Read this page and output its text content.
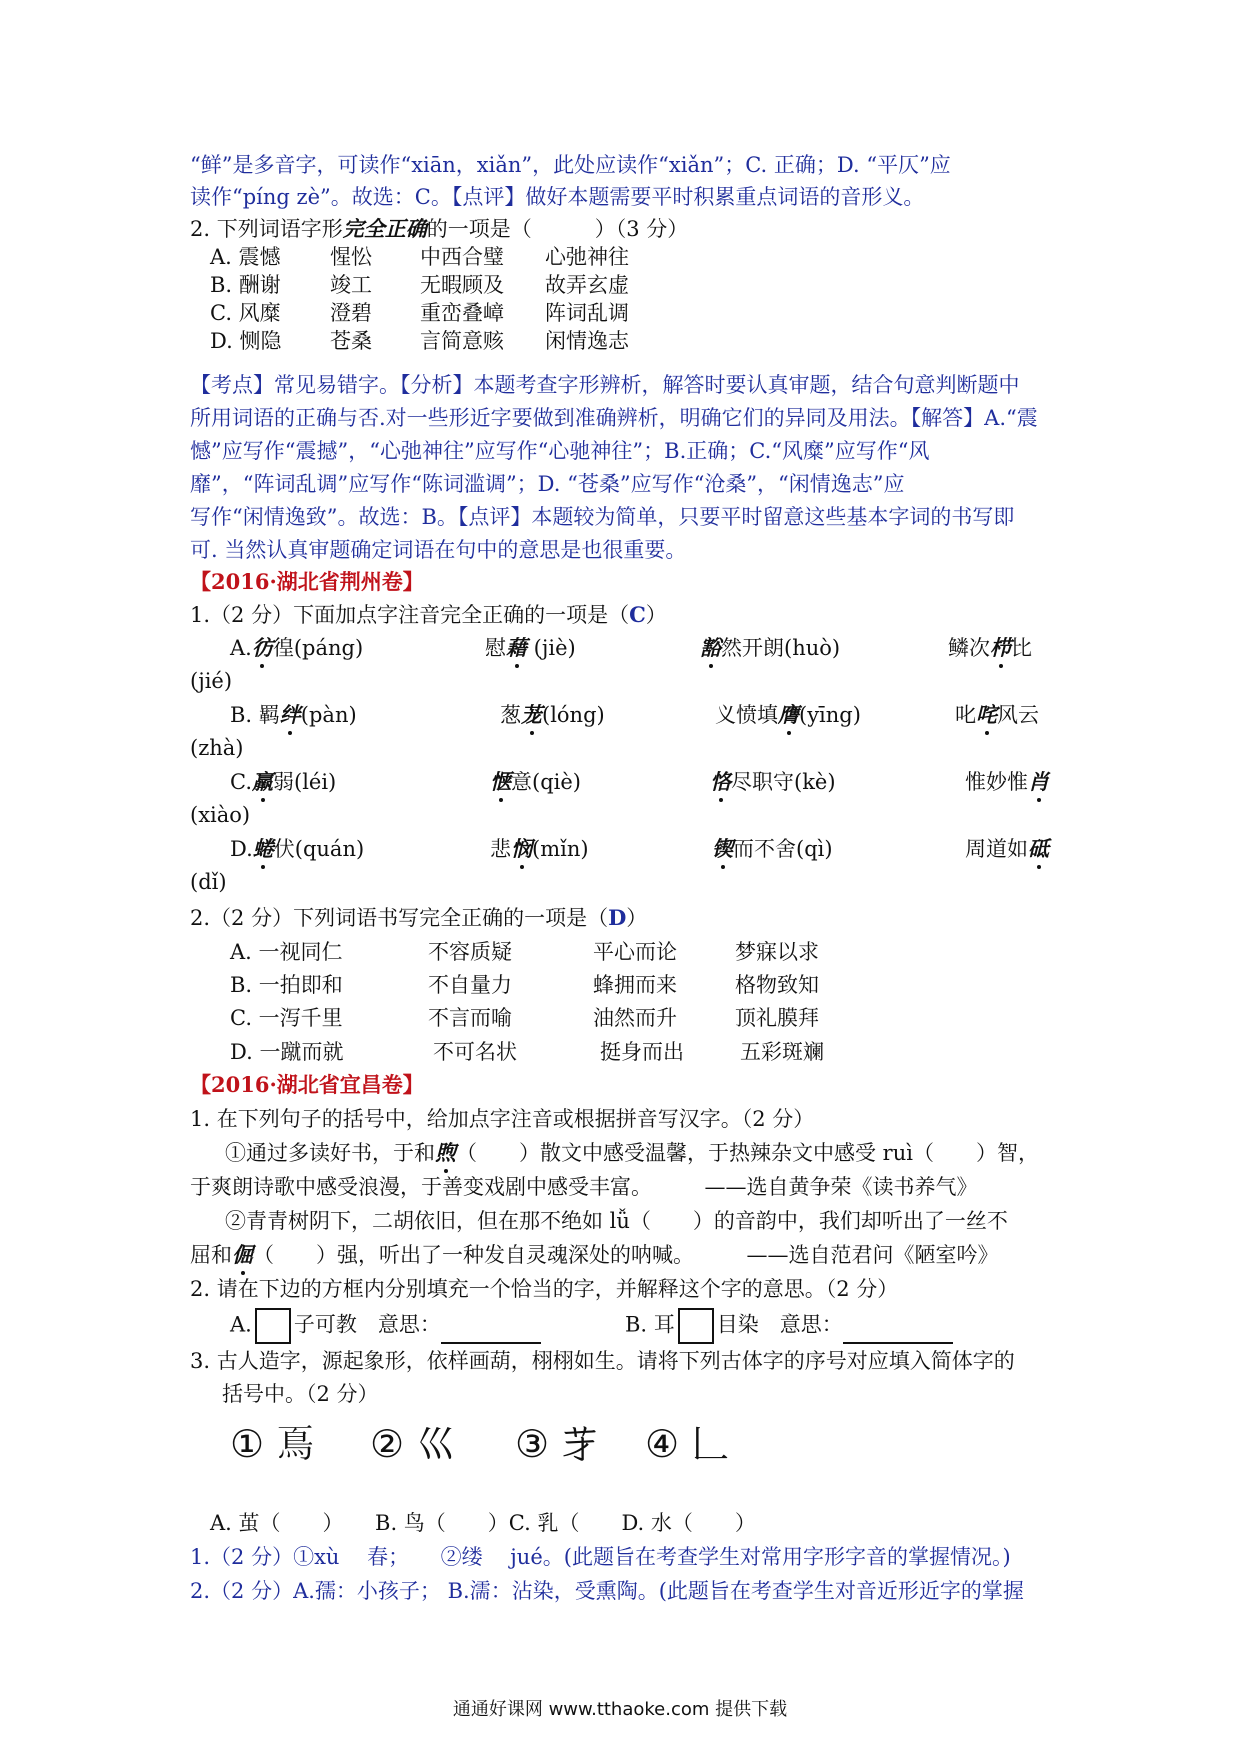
“鲜”是多音字，可读作“xiān，xiǎn”，此处应读作“xiǎn”；C. 正确；D. “平仄”应
读作“píng zè”。故选：C。【点评】做好本题需要平时积累重点词语的音形义。
2. 下列词语字形完全正确的一项是（　　　）（3 分）
A. 震憾 惺忪 中西合璧 心弛神往
B. 酬谢 竣工 无暇顾及 故弄玄虚
C. 风糜 澄碧 重峦叠嶂 阵词乱调
D. 恻隐 苍桑 言简意赅 闲情逸志
【考点】常见易错字。【分析】本题考查字形辨析，解答时要认真审题，结合句意判断题中
所用词语的正确与否.对一些形近字要做到准确辨析，明确它们的异同及用法。【解答】A.“震
憾”应写作“震撼”，“心弛神往”应写作“心驰神往”；B.正确；C.“风糜”应写作“风
靡”，“阵词乱调”应写作“陈词滥调”；D. “苍桑”应写作“沧桑”，“闲情逸志”应
写作“闲情逸致”。故选：B。【点评】本题较为简单，只要平时留意这些基本字词的书写即
可. 当然认真审题确定词语在句中的意思是也很重要。
【2016·湖北省荆州卷】
1.（2 分）下面加点字注音完全正确的一项是（C）
A.彷徨(páng)	慰藉 (jiè)	豁然开朗(huò)	鳞次栉比
(jié)
B. 羁绊(pàn)	葱茏(lóng)	义愤填膺(yīng)	叱咤风云
(zhà)
C.羸弱(léi)	惬意(qiè)	恪尽职守(kè)	惟妙惟肖
(xiào)
D.蜷伏(quán)	悲悯(mǐn)	锲而不舍(qì)	周道如砥
(dǐ)
2.（2 分）下列词语书写完全正确的一项是（D）
A. 一视同仁	不容质疑	平心而论	梦寐以求
B. 一拍即和	不自量力	蜂拥而来	格物致知
C. 一泻千里	不言而喻	油然而升	顶礼膜拜
D. 一蹴而就	不可名状	挺身而出	五彩斑斓
【2016·湖北省宜昌卷】
1. 在下列句子的括号中，给加点字注音或根据拼音写汉字。（2 分）
①通过多读好书，于和煦（　　）散文中感受温馨，于热辣杂文中感受 ruì（　　）智，
于爽朗诗歌中感受浪漫，于善变戏剧中感受丰富。　　　——选自黄争荣《读书养气》
②青青树阴下，二胡依旧，但在那不绝如 lǚ（　　）的音韵中，我们却听出了一丝不
屈和倔（　　）强，听出了一种发自灵魂深处的呐喊。　　　——选自范君问《陋室吟》
2. 请在下边的方框内分别填充一个恰当的字，并解释这个字的意思。（2 分）
A. 子可教　意思：	B. 耳 目染　意思：
3. 古人造字，源起象形，依样画葫，栩栩如生。请将下列古体字的序号对应填入简体字的
括号中。（2 分）
① 𩾏 ② 巛 ③ 𦬁 ④ 𠃊
A. 茧（　　）　　B. 鸟（　　）C. 乳（　　D. 水（　　）
1.（2 分）①xù　 春；　　②缕　 jué。(此题旨在考查学生对常用字形字音的掌握情况。)
2.（2 分）A.孺：小孩子； B.濡：沾染，受熏陶。(此题旨在考查学生对音近形近字的掌握
通通好课网 www.tthaoke.com 提供下载
